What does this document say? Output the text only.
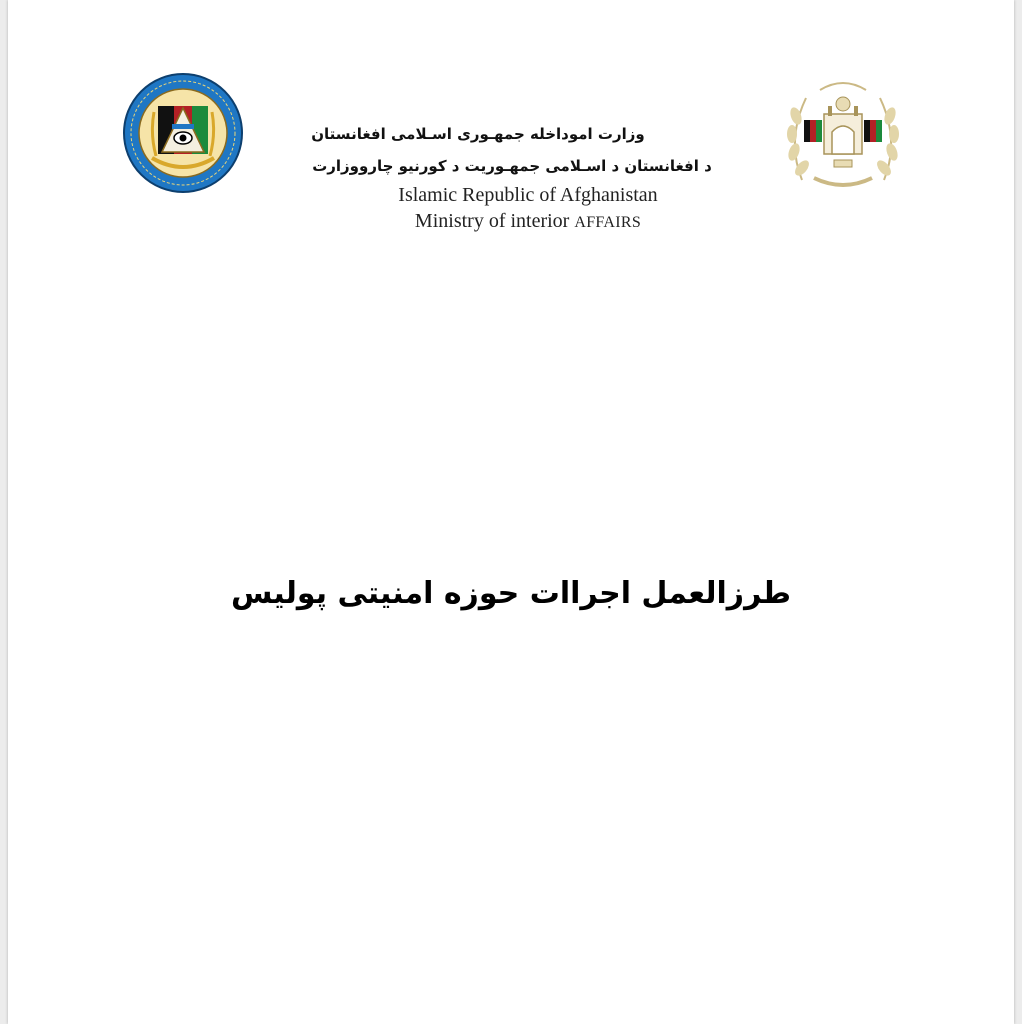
وزارت اموداخله جمهـوری اسـلامی افغانستان
د افغانستان د اسـلامی جمهـوریت د کورنیو چارووزارت
Islamic Republic of Afghanistan
Ministry of interior AFFAIRS
طرزالعمل اجراات حوزه امنیتی پولیس
